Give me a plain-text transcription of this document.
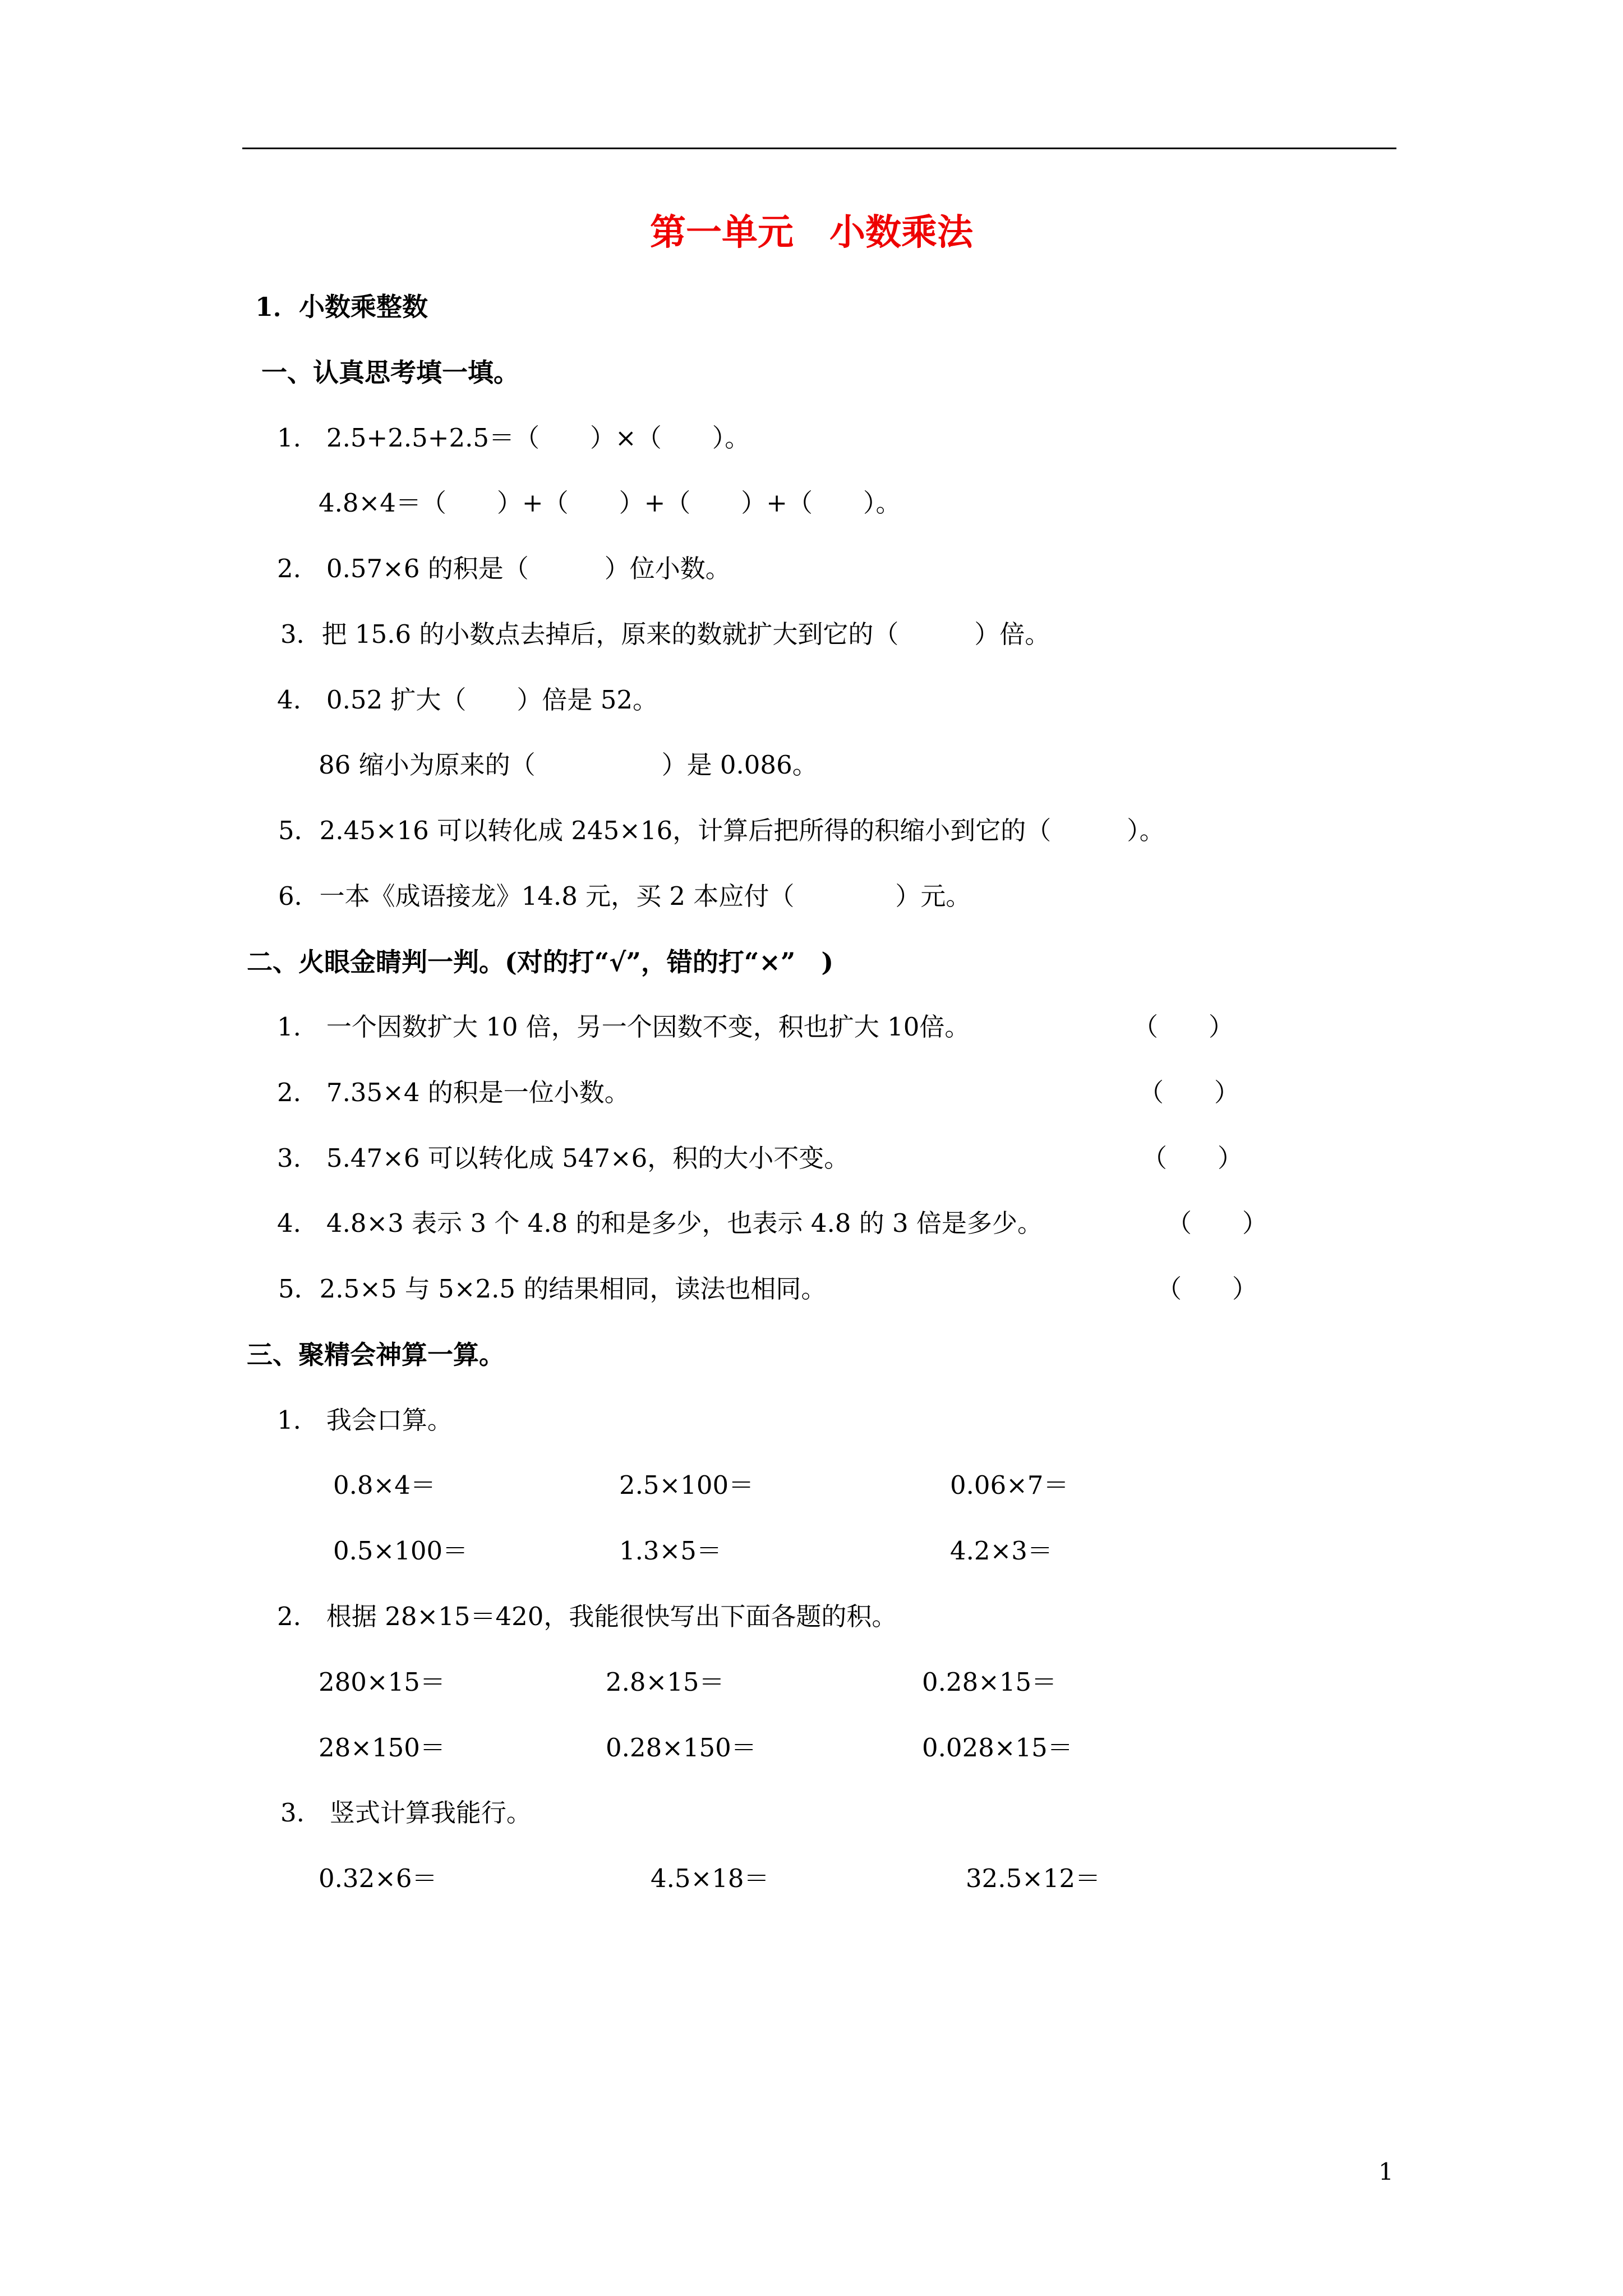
第一单元　小数乘法
1．小数乘整数
一、认真思考填一填。
1.　2.5+2.5+2.5＝（　　）×（　　）。
4.8×4＝（　　）+（　　）+（　　）+（　　）。
2.　0.57×6 的积是（　　　）位小数。
3．把 15.6 的小数点去掉后，原来的数就扩大到它的（　　　）倍。
4.　0.52 扩大（　　）倍是 52。
86 缩小为原来的（　　　　　）是 0.086。
5．2.45×16 可以转化成 245×16，计算后把所得的积缩小到它的（　　　）。
6．一本《成语接龙》14.8 元，买 2 本应付（　　　　）元。
二、火眼金睛判一判。(对的打“√”，错的打“×”　)
1.　一个因数扩大 10 倍，另一个因数不变，积也扩大 10倍。	（　　）
2.　7.35×4 的积是一位小数。	（　　）
3.　5.47×6 可以转化成 547×6，积的大小不变。	（　　）
4.　4.8×3 表示 3 个 4.8 的和是多少，也表示 4.8 的 3 倍是多少。	（　　）
5．2.5×5 与 5×2.5 的结果相同，读法也相同。	（　　）
三、聚精会神算一算。
1.　我会口算。
0.8×4＝	2.5×100＝	0.06×7＝
0.5×100＝	1.3×5＝	4.2×3＝
2.　根据 28×15＝420，我能很快写出下面各题的积。
280×15＝	2.8×15＝	0.28×15＝
28×150＝	0.28×150＝	0.028×15＝
3.　竖式计算我能行。
0.32×6＝	4.5×18＝	32.5×12＝
1
